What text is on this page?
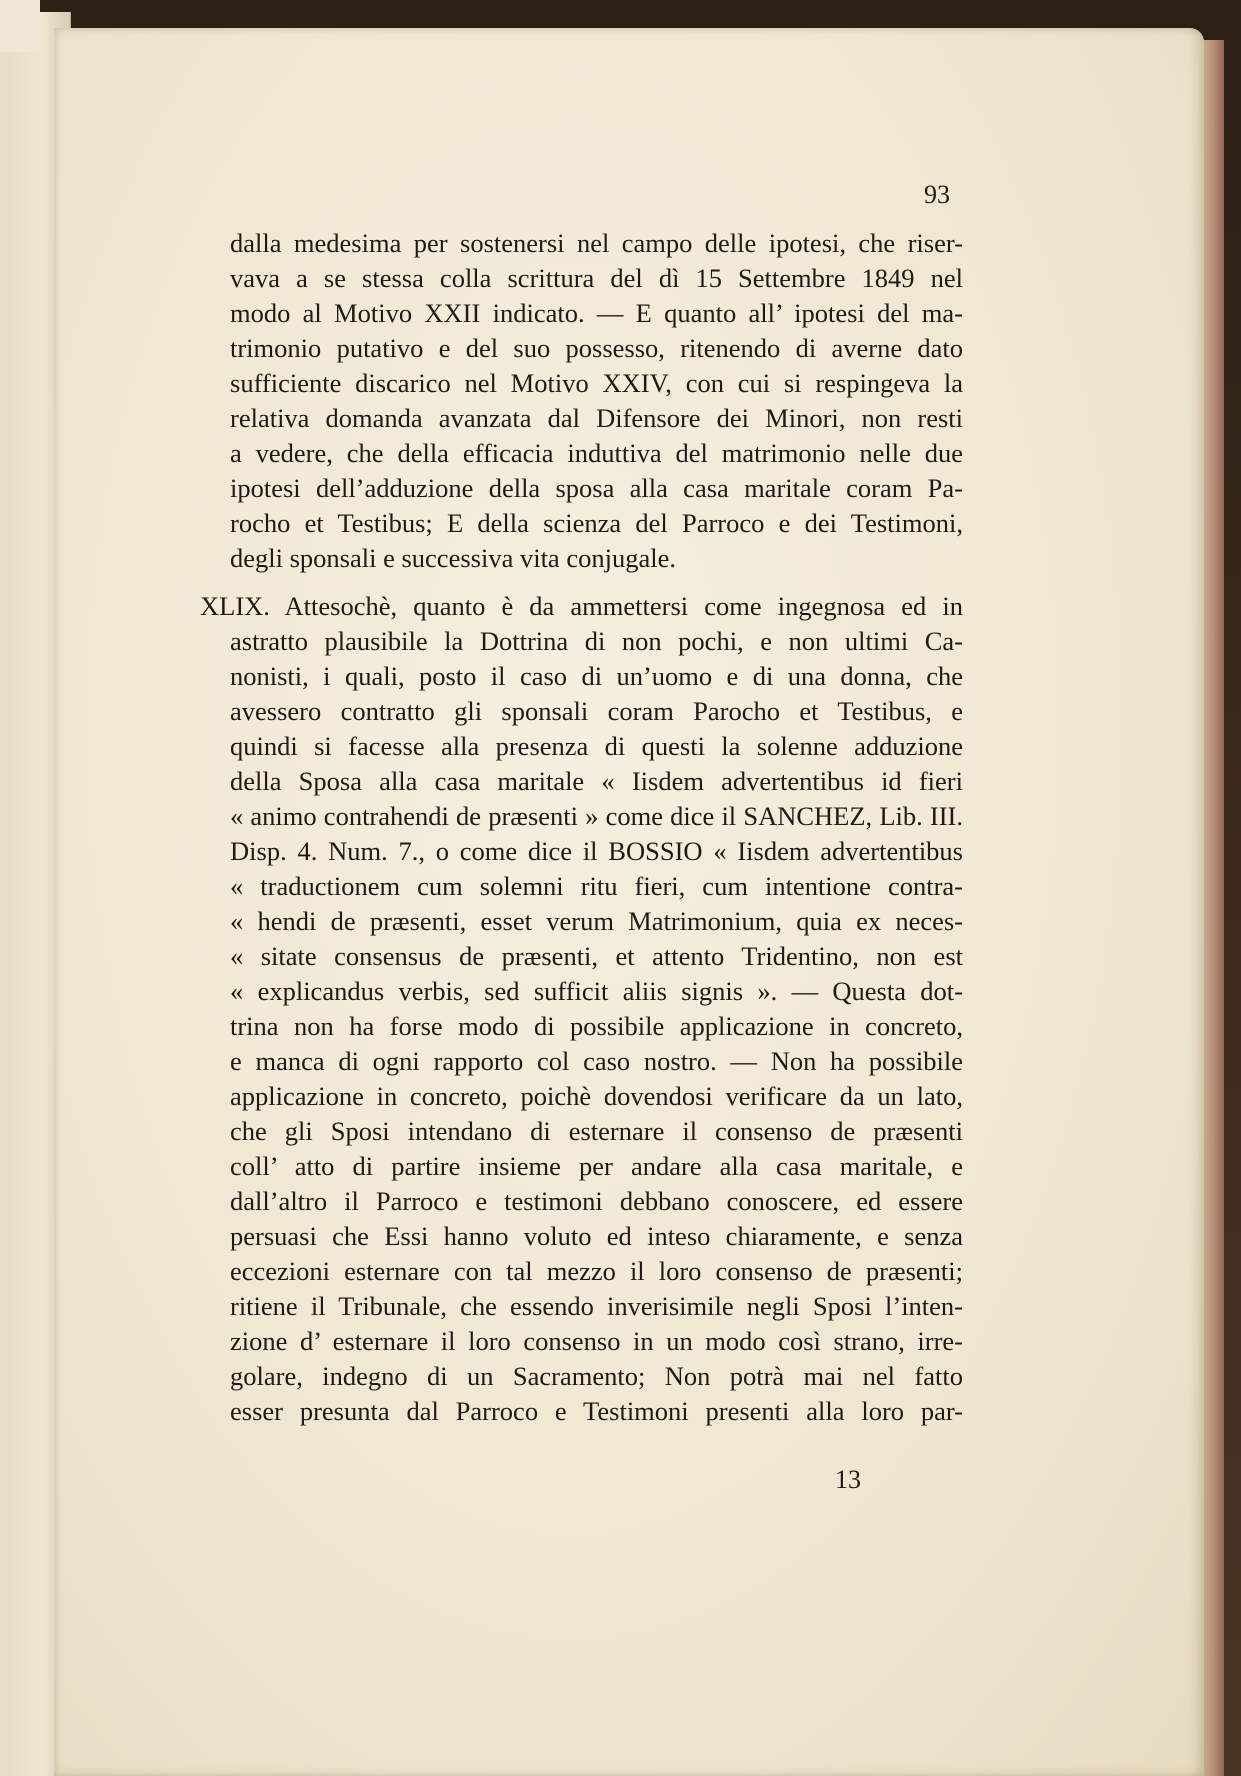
93
dalla medesima per sostenersi nel campo delle ipotesi, che riser-
vava a se stessa colla scrittura del dì 15 Settembre 1849 nel
modo al Motivo XXII indicato. — E quanto all’ ipotesi del ma-
trimonio putativo e del suo possesso, ritenendo di averne dato
sufficiente discarico nel Motivo XXIV, con cui si respingeva la
relativa domanda avanzata dal Difensore dei Minori, non resti
a vedere, che della efficacia induttiva del matrimonio nelle due
ipotesi dell’adduzione della sposa alla casa maritale coram Pa-
rocho et Testibus; E della scienza del Parroco e dei Testimoni,
degli sponsali e successiva vita conjugale.
XLIX. Attesochè, quanto è da ammettersi come ingegnosa ed in
astratto plausibile la Dottrina di non pochi, e non ultimi Ca-
nonisti, i quali, posto il caso di un’uomo e di una donna, che
avessero contratto gli sponsali coram Parocho et Testibus, e
quindi si facesse alla presenza di questi la solenne adduzione
della Sposa alla casa maritale « Iisdem advertentibus id fieri
« animo contrahendi de præsenti » come dice il SANCHEZ, Lib. III.
Disp. 4. Num. 7., o come dice il BOSSIO « Iisdem advertentibus
« traductionem cum solemni ritu fieri, cum intentione contra-
« hendi de præsenti, esset verum Matrimonium, quia ex neces-
« sitate consensus de præsenti, et attento Tridentino, non est
« explicandus verbis, sed sufficit aliis signis ». — Questa dot-
trina non ha forse modo di possibile applicazione in concreto,
e manca di ogni rapporto col caso nostro. — Non ha possibile
applicazione in concreto, poichè dovendosi verificare da un lato,
che gli Sposi intendano di esternare il consenso de præsenti
coll’ atto di partire insieme per andare alla casa maritale, e
dall’altro il Parroco e testimoni debbano conoscere, ed essere
persuasi che Essi hanno voluto ed inteso chiaramente, e senza
eccezioni esternare con tal mezzo il loro consenso de præsenti;
ritiene il Tribunale, che essendo inverisimile negli Sposi l’inten-
zione d’ esternare il loro consenso in un modo così strano, irre-
golare, indegno di un Sacramento; Non potrà mai nel fatto
esser presunta dal Parroco e Testimoni presenti alla loro par-
13
